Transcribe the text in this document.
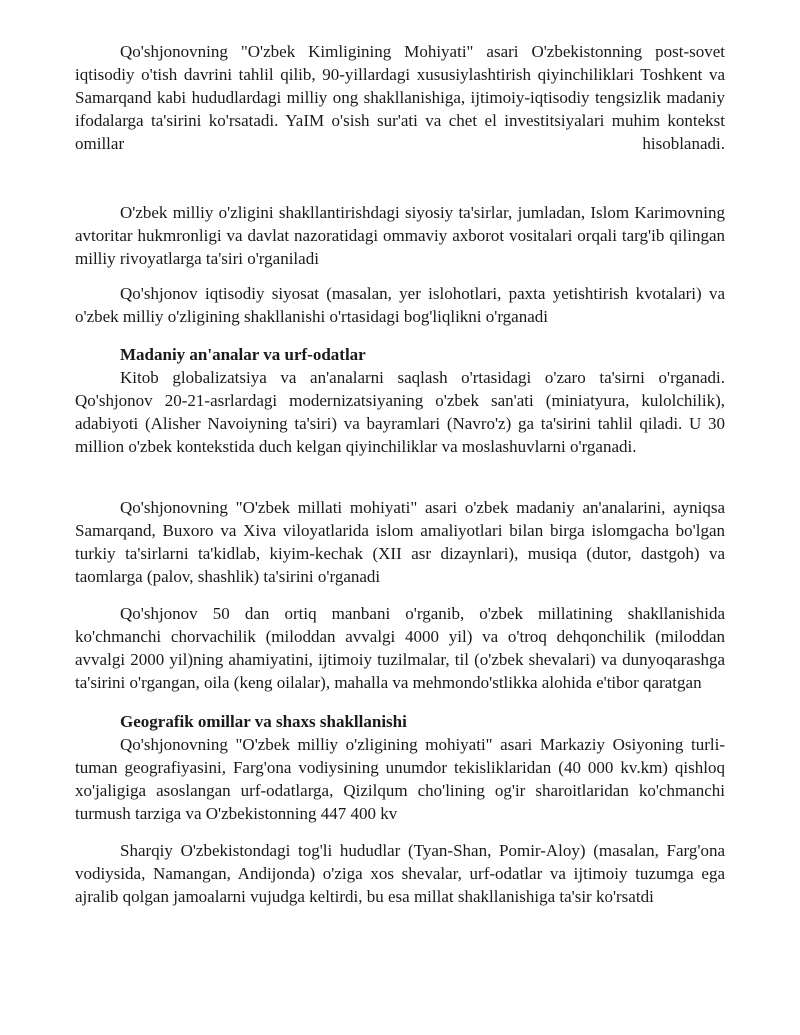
Qo'shjonovning "O'zbek Kimligining Mohiyati" asari O'zbekistonning post-sovet iqtisodiy o'tish davrini tahlil qilib, 90-yillardagi xususiylashtirish qiyinchiliklari Toshkent va Samarqand kabi hududlardagi milliy ong shakllanishiga, ijtimoiy-iqtisodiy tengsizlik madaniy ifodalarga ta'sirini ko'rsatadi. YaIM o'sish sur'ati va chet el investitsiyalari muhim kontekst omillar hisoblanadi.

O'zbek milliy o'zligini shakllantirishdagi siyosiy ta'sirlar, jumladan, Islom Karimovning avtoritar hukmronligi va davlat nazoratidagi ommaviy axborot vositalari orqali targ'ib qilingan milliy rivoyatlarga ta'siri o'rganiladi

Qo'shjonov iqtisodiy siyosat (masalan, yer islohotlari, paxta yetishtirish kvotalari) va o'zbek milliy o'zligining shakllanishi o'rtasidagi bog'liqlikni o'rganadi

Madaniy an'analar va urf-odatlar

Kitob globalizatsiya va an'analarni saqlash o'rtasidagi o'zaro ta'sirni o'rganadi. Qo'shjonov 20-21-asrlardagi modernizatsiyaning o'zbek san'ati (miniatyura, kulolchilik), adabiyoti (Alisher Navoiyning ta'siri) va bayramlari (Navro'z) ga ta'sirini tahlil qiladi. U 30 million o'zbek kontekstida duch kelgan qiyinchiliklar va moslashuvlarni o'rganadi.

Qo'shjonovning "O'zbek millati mohiyati" asari o'zbek madaniy an'analarini, ayniqsa Samarqand, Buxoro va Xiva viloyatlarida islom amaliyotlari bilan birga islomgacha bo'lgan turkiy ta'sirlarni ta'kidlab, kiyim-kechak (XII asr dizaynlari), musiqa (dutor, dastgoh) va taomlarga (palov, shashlik) ta'sirini o'rganadi

Qo'shjonov 50 dan ortiq manbani o'rganib, o'zbek millatining shakllanishida ko'chmanchi chorvachilik (miloddan avvalgi 4000 yil) va o'troq dehqonchilik (miloddan avvalgi 2000 yil)ning ahamiyatini, ijtimoiy tuzilmalar, til (o'zbek shevalari) va dunyoqarashga ta'sirini o'rgangan, oila (keng oilalar), mahalla va mehmondo'stlikka alohida e'tibor qaratgan

Geografik omillar va shaxs shakllanishi

Qo'shjonovning "O'zbek milliy o'zligining mohiyati" asari Markaziy Osiyoning turli-tuman geografiyasini, Farg'ona vodiysining unumdor tekisliklaridan (40 000 kv.km) qishloq xo'jaligiga asoslangan urf-odatlarga, Qizilqum cho'lining og'ir sharoitlaridan ko'chmanchi turmush tarziga va O'zbekistonning 447 400 kv

Sharqiy O'zbekistondagi tog'li hududlar (Tyan-Shan, Pomir-Aloy) (masalan, Farg'ona vodiysida, Namangan, Andijonda) o'ziga xos shevalar, urf-odatlar va ijtimoiy tuzumga ega ajralib qolgan jamoalarni vujudga keltirdi, bu esa millat shakllanishiga ta'sir ko'rsatdi
